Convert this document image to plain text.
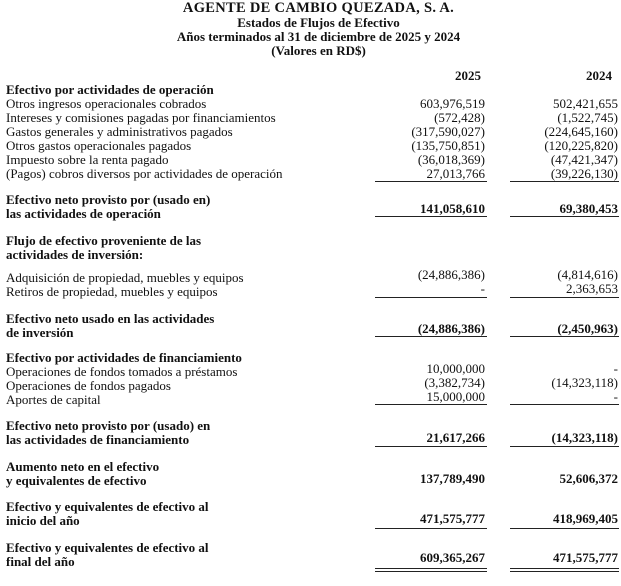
AGENTE DE CAMBIO QUEZADA, S. A.
Estados de Flujos de Efectivo
Años terminados al 31 de diciembre de 2025 y 2024
(Valores en RD$)
2025	2024
Efectivo por actividades de operación
Otros ingresos operacionales cobrados	603,976,519	502,421,655
Intereses y comisiones pagadas por financiamientos	(572,428)	(1,522,745)
Gastos generales y administrativos pagados	(317,590,027)	(224,645,160)
Otros gastos operacionales pagados	(135,750,851)	(120,225,820)
Impuesto sobre la renta pagado	(36,018,369)	(47,421,347)
(Pagos) cobros diversos por actividades de operación	27,013,766	(39,226,130)
Efectivo neto provisto por (usado en)
las actividades de operación	141,058,610	69,380,453
Flujo de efectivo proveniente de las
actividades de inversión:
Adquisición de propiedad, muebles y equipos	(24,886,386)	(4,814,616)
Retiros de propiedad, muebles y equipos	-	2,363,653
Efectivo neto usado en las actividades
de inversión	(24,886,386)	(2,450,963)
Efectivo por actividades de financiamiento
Operaciones de fondos tomados a préstamos	10,000,000	-
Operaciones de fondos pagados	(3,382,734)	(14,323,118)
Aportes de capital	15,000,000	-
Efectivo neto provisto por (usado) en
las actividades de financiamiento	21,617,266	(14,323,118)
Aumento neto en el efectivo
y equivalentes de efectivo	137,789,490	52,606,372
Efectivo y equivalentes de efectivo al
inicio del año	471,575,777	418,969,405
Efectivo y equivalentes de efectivo al
final del año	609,365,267	471,575,777
